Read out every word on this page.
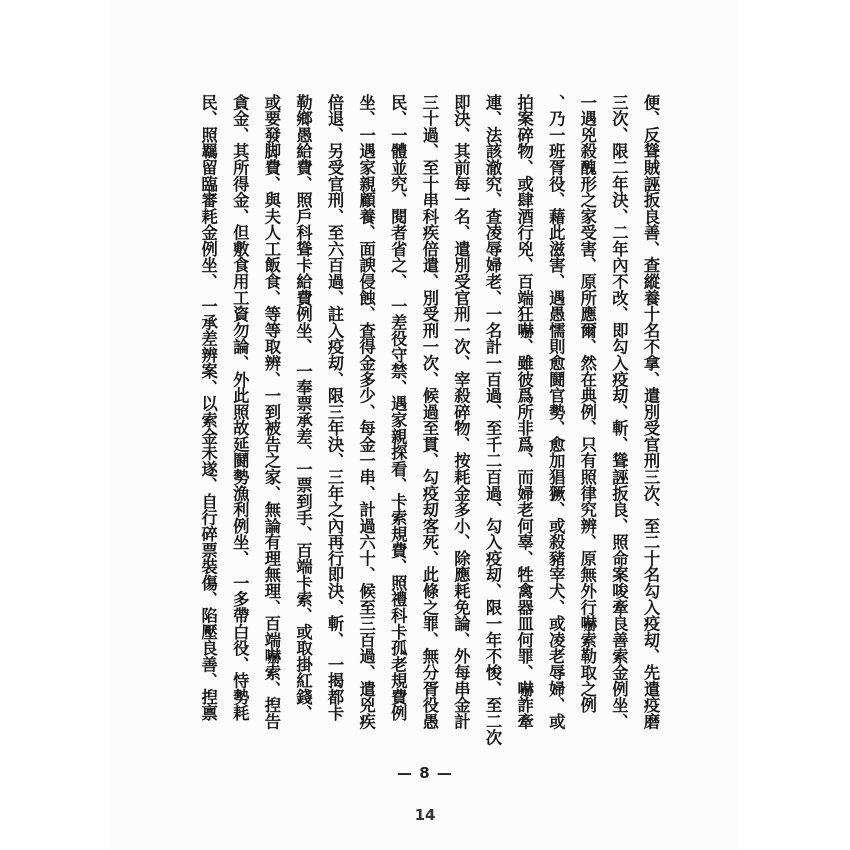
便、反聳賊誣扳良善、查縱養十名不拿、遣別受官刑三次、至二十名勾入疫刧、先遣疫磨
三次、限二年決、二年內不改、即勾入疫刧、斬、聳誣扳良、照命案唆牽良善索金例坐、
一遇兇殺醜形之家受害、原所應爾、然在典例、只有照律究辨、原無外行嚇索勒取之例
、乃一班胥役、藉此滋害、遇愚懦則愈鬪官勢、愈加猖獗、或殺豬宰犬、或凌老辱婦、或
拍案碎物、或肆酒行兇、百端狂嚇、雖彼爲所非爲、而婦老何辜、牲禽器皿何罪、嚇詐牽
連、法該澈究、查凌辱婦老、一名計一百過、至千二百過、勾入疫刧、限一年不悛、至二次
即決、其前每一名、遣別受官刑一次、宰殺碎物、按耗金多小、除應耗免論、外每串金計
三十過、至十串科疾倍遣、別受刑一次、候過至貫、勾疫刧客死、此條之罪、無分胥役愚
民、一體並究、閱者省之、　一差役守禁、遇家親探看、卡索規費、照禮科卡孤老規費例
坐、一遇家親顧養、面諛侵蝕、查得金多少、每金一串、計過六十、候至三百過、遣兇疾
倍退、另受官刑、至六百過、註入疫刧、限三年決、三年之內再行即決、斬、　一揭都卡
勒鄉愚給費、照戶科聳卡給費例坐、　一奉票承差、一票到手、百端卡索、或取掛紅錢、
或要發脚費、與夫人工飯食、等等取辨、一到被告之家、無論有理無理、百端嚇索、揑告
貪金、其所得金、但敷食用工資勿論、外此照故延鬪勢漁利例坐、　一多帶白役、恃勢耗
民、照羈留臨審耗金例坐、　一承差辨案、以索金未遂、自行碎票裝傷、陷壓良善、揑禀
— 8 —
14
